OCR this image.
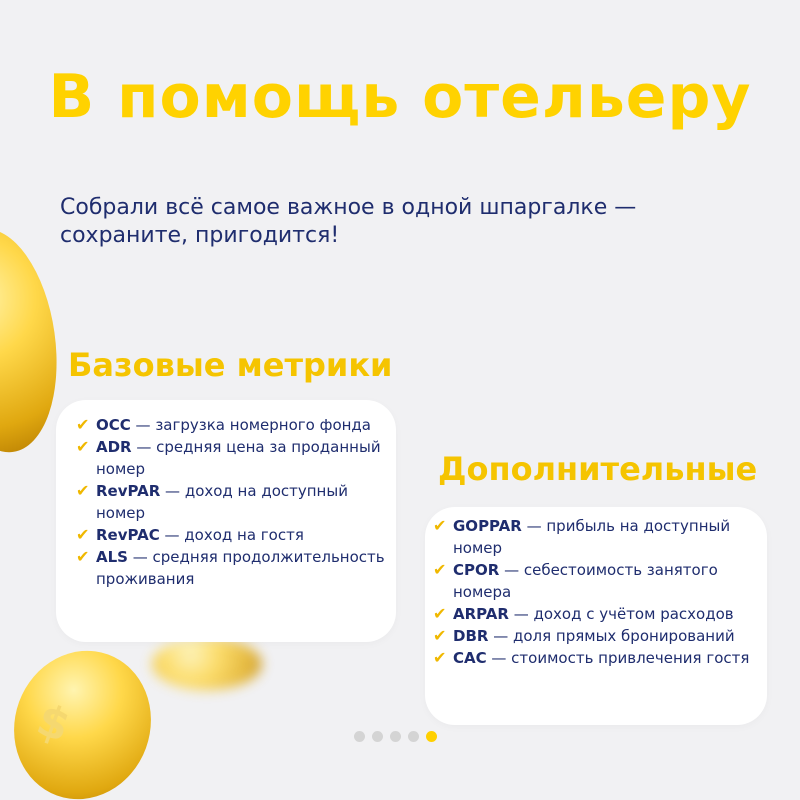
$
В помощь отельеру

Собрали всё самое важное в одной шпаргалке — сохраните, пригодится!

Базовые метрики
✔ OCC — загрузка номерного фонда
✔ ADR — средняя цена за проданный номер
✔ RevPAR — доход на доступный номер
✔ RevPAC — доход на гостя
✔ ALS — средняя продолжительность проживания
Дополнительные
✔ GOPPAR — прибыль на доступный номер
✔ CPOR — себестоимость занятого номера
✔ ARPAR — доход с учётом расходов
✔ DBR — доля прямых бронирований
✔ CAC — стоимость привлечения гостя
